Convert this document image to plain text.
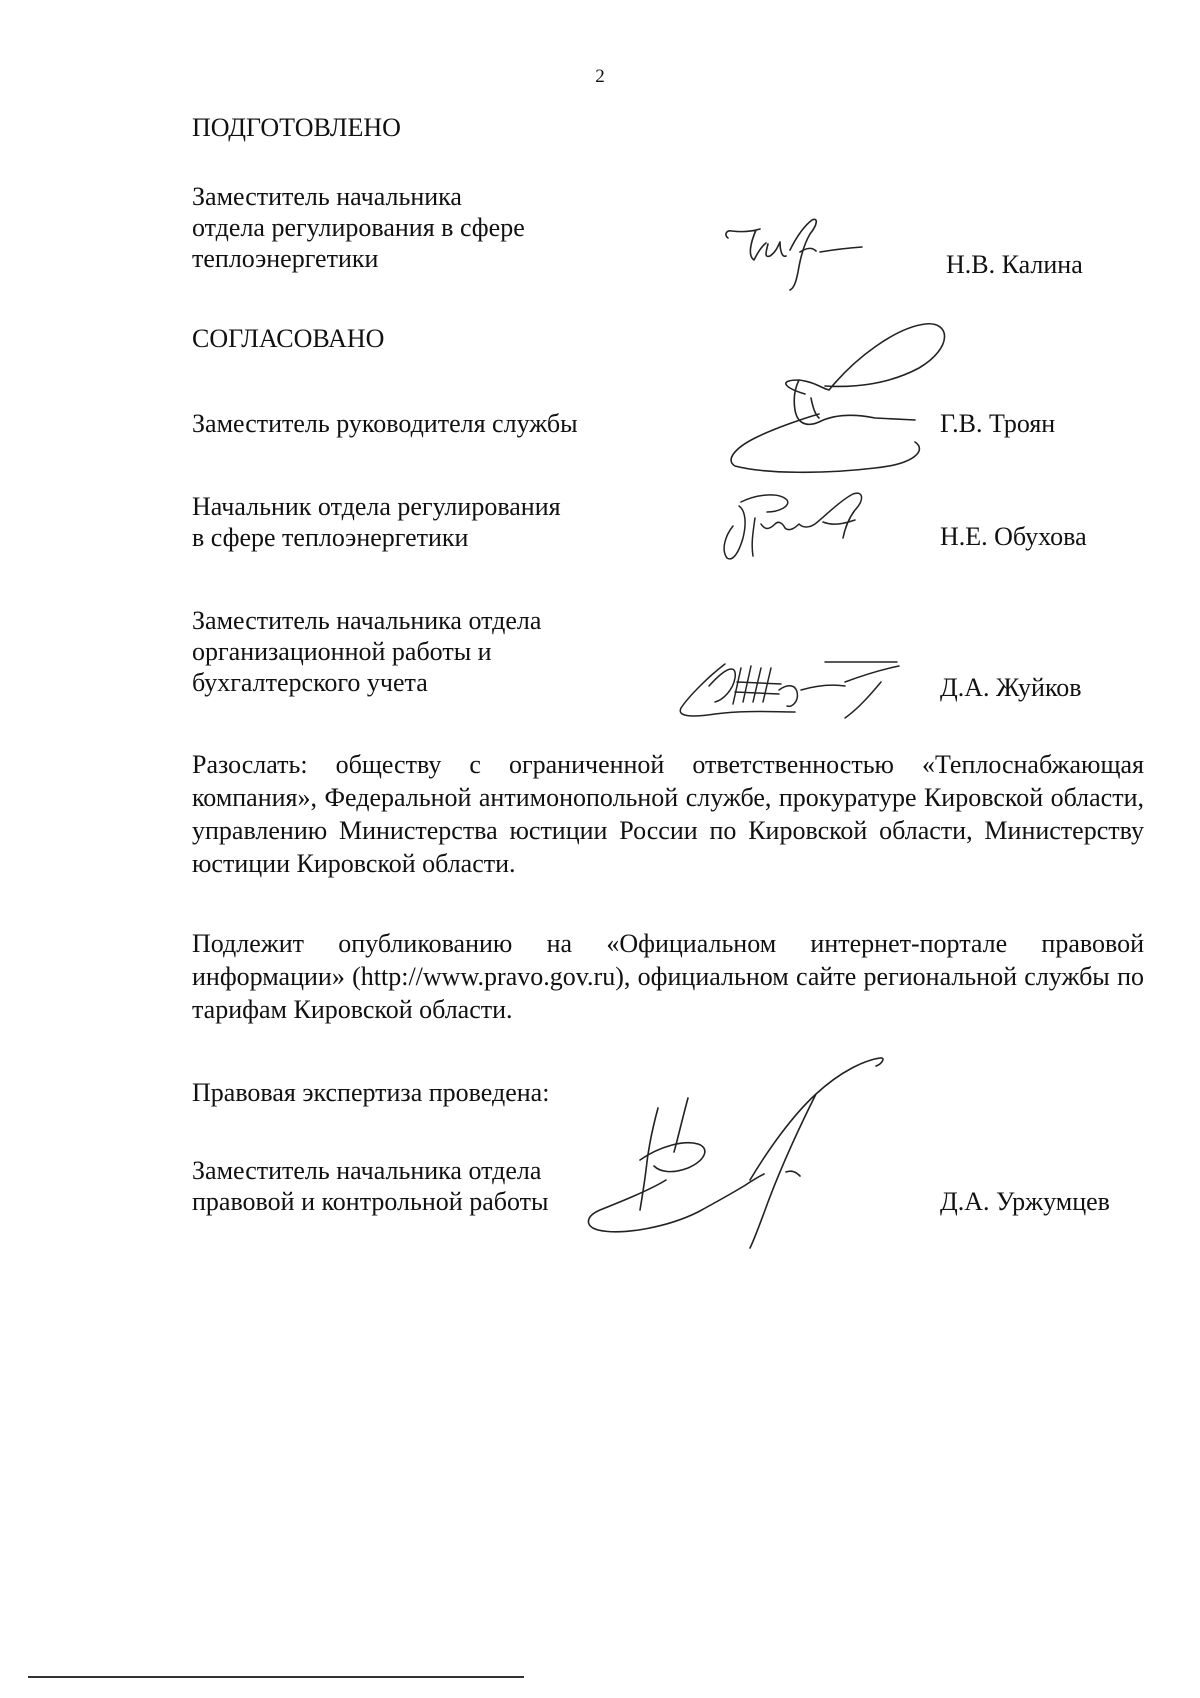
2
ПОДГОТОВЛЕНО
Заместитель начальника
отдела регулирования в сфере
теплоэнергетики	Н.В. Калина
СОГЛАСОВАНО
Заместитель руководителя службы	Г.В. Троян
Начальник отдела регулирования
в сфере теплоэнергетики	Н.Е. Обухова
Заместитель начальника отдела
организационной работы и
бухгалтерского учета	Д.А. Жуйков
Разослать: обществу с ограниченной ответственностью «Теплоснабжающая компания», Федеральной антимонопольной службе, прокуратуре Кировской области, управлению Министерства юстиции России по Кировской области, Министерству юстиции Кировской области.
Подлежит опубликованию на «Официальном интернет-портале правовой информации» (http://www.pravo.gov.ru), официальном сайте региональной службы по тарифам Кировской области.
Правовая экспертиза проведена:
Заместитель начальника отдела
правовой и контрольной работы	Д.А. Уржумцев
